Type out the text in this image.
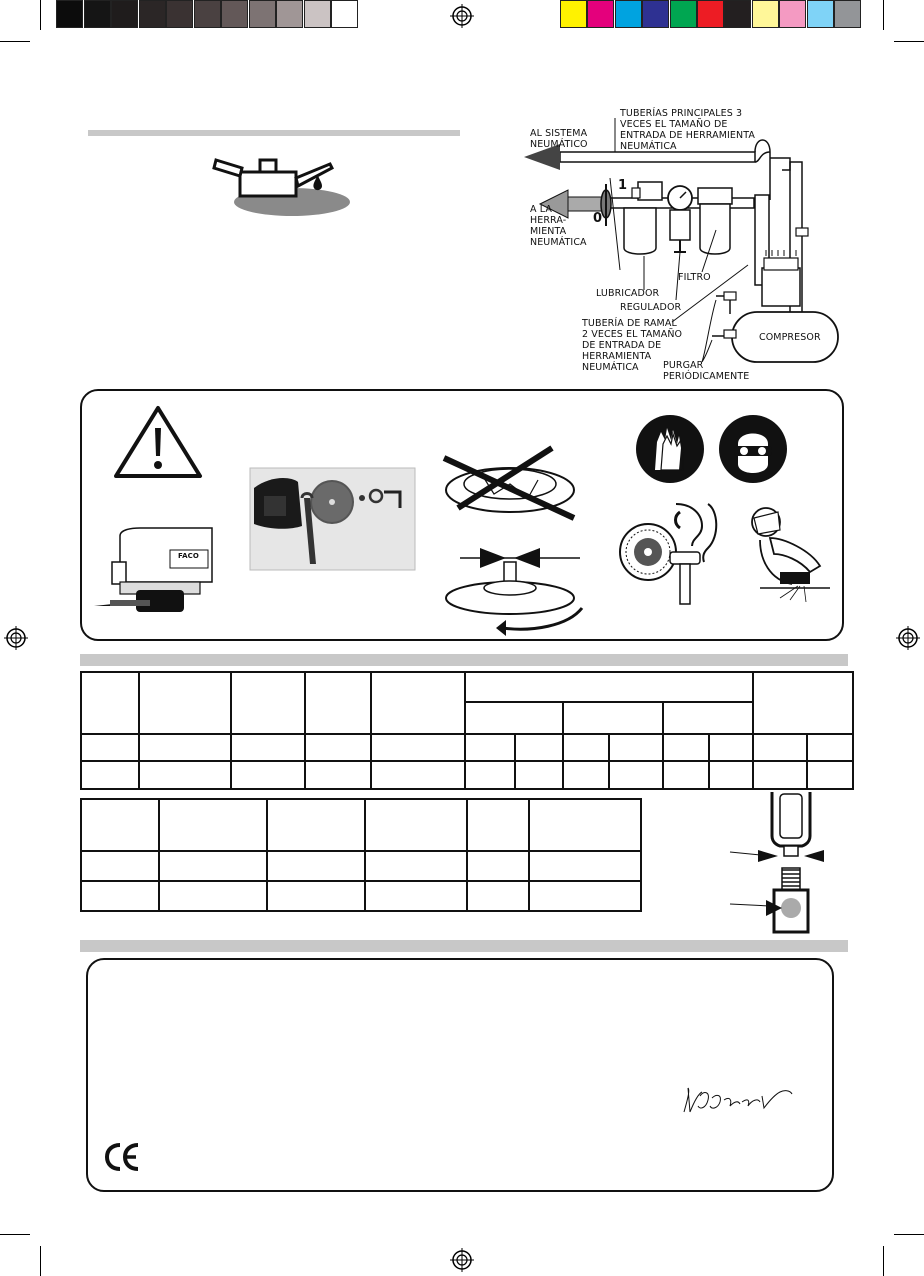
TUBERÍAS PRINCIPALES 3
VECES EL TAMAÑO DE
ENTRADA DE HERRAMIENTA
NEUMÁTICA
AL SISTEMA
NEUMÁTICO
A LA
HERRA-
MIENTA
NEUMÁTICA
1
0
LUBRICADOR
FILTRO
REGULADOR
TUBERÍA DE RAMAL
2 VECES EL TAMAÑO
DE ENTRADA DE
HERRAMIENTA
NEUMÁTICA
COMPRESOR
PURGAR
PERIÓDICAMENTE
FACO
